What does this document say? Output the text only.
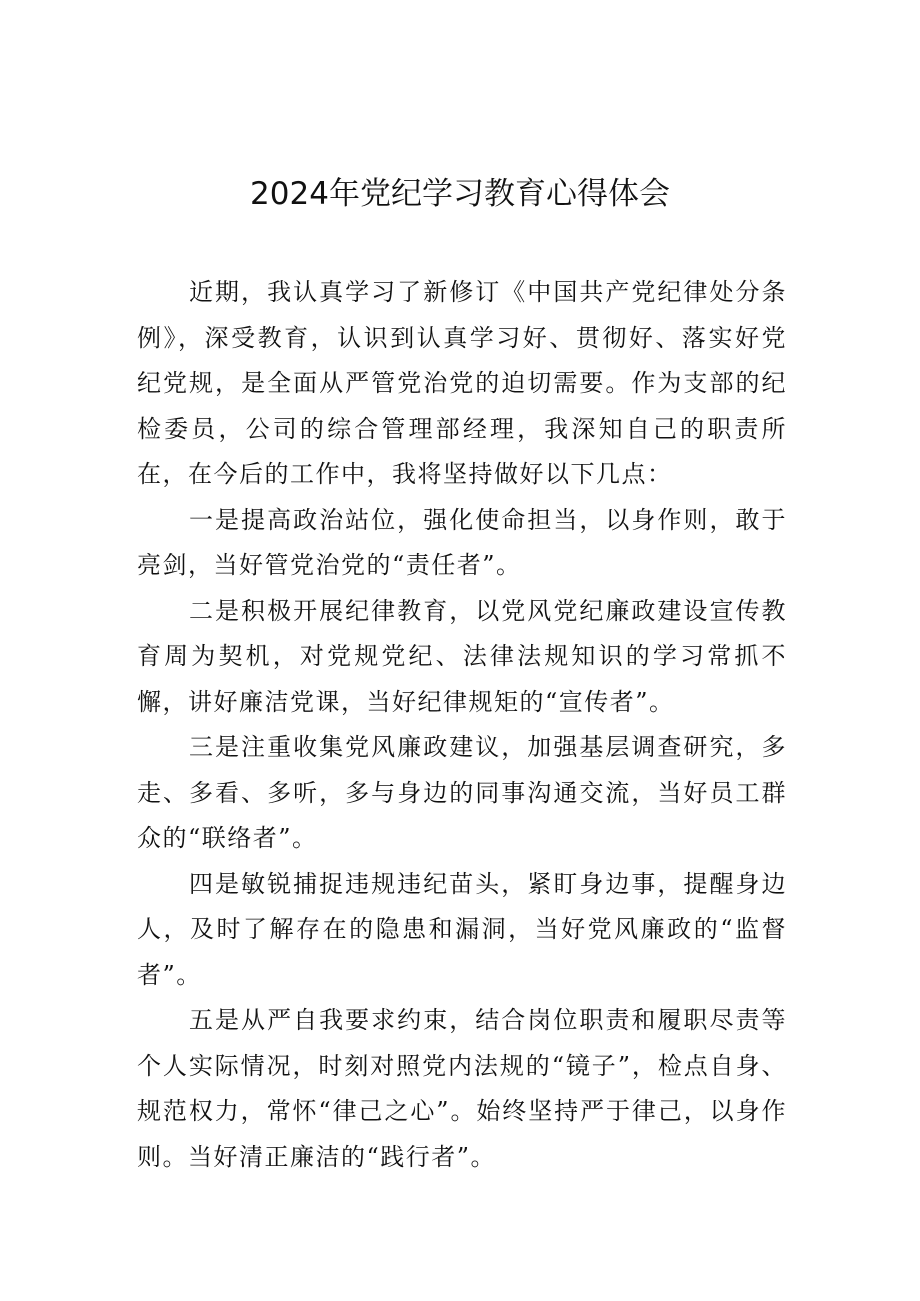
2024年党纪学习教育心得体会

近期，我认真学习了新修订《中国共产党纪律处分条例》，深受教育，认识到认真学习好、贯彻好、落实好党纪党规，是全面从严管党治党的迫切需要。作为支部的纪检委员，公司的综合管理部经理，我深知自己的职责所在，在今后的工作中，我将坚持做好以下几点：

一是提高政治站位，强化使命担当，以身作则，敢于亮剑，当好管党治党的“责任者”。

二是积极开展纪律教育，以党风党纪廉政建设宣传教育周为契机，对党规党纪、法律法规知识的学习常抓不懈，讲好廉洁党课，当好纪律规矩的“宣传者”。

三是注重收集党风廉政建议，加强基层调查研究，多走、多看、多听，多与身边的同事沟通交流，当好员工群众的“联络者”。

四是敏锐捕捉违规违纪苗头，紧盯身边事，提醒身边人，及时了解存在的隐患和漏洞，当好党风廉政的“监督者”。

五是从严自我要求约束，结合岗位职责和履职尽责等个人实际情况，时刻对照党内法规的“镜子”，检点自身、规范权力，常怀“律己之心”。始终坚持严于律己，以身作则。当好清正廉洁的“践行者”。
